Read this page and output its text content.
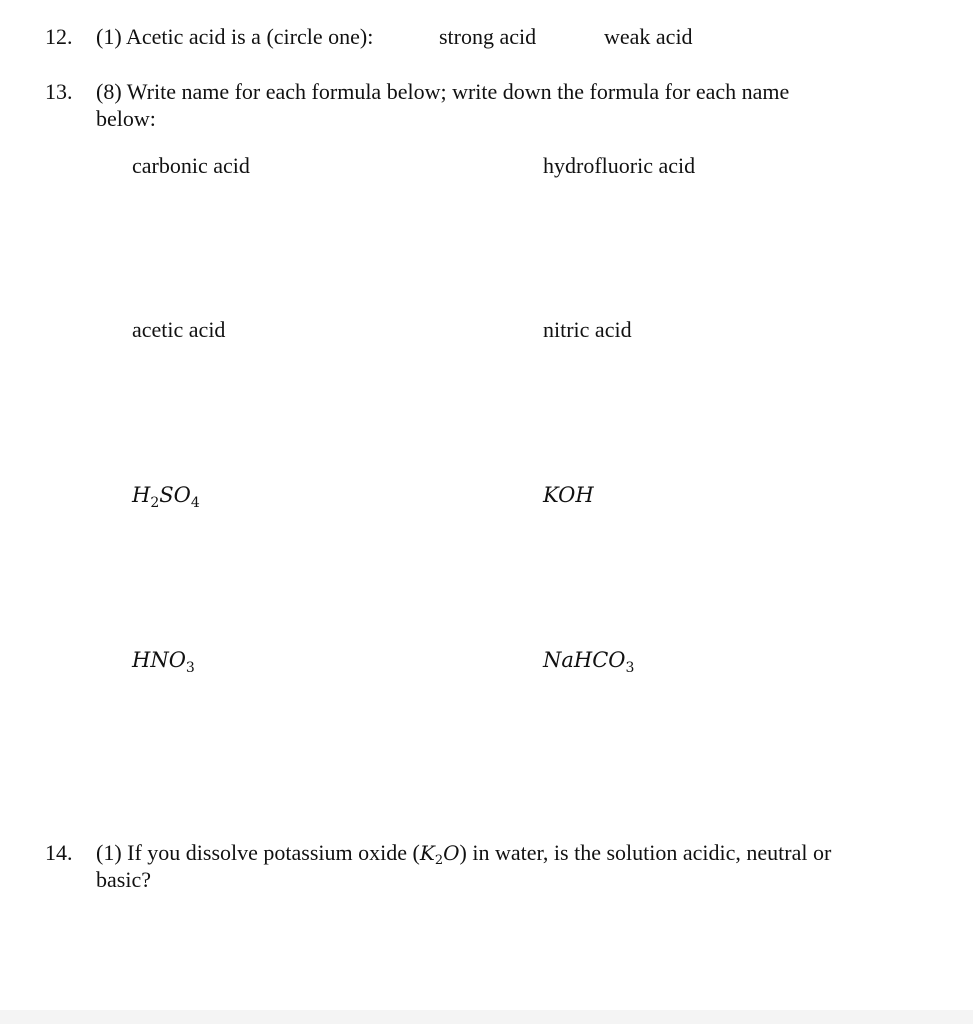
12. (1) Acetic acid is a (circle one):	strong acid	weak acid
13. (8) Write name for each formula below; write down the formula for each name
below:
carbonic acid	hydrofluoric acid
acetic acid	nitric acid
$H_2SO_4$	KOH
$HNO_3$	NaHCO$_3$
14. (1) If you dissolve potassium oxide $(K_2O)$ in water, is the solution acidic, neutral or
basic?
